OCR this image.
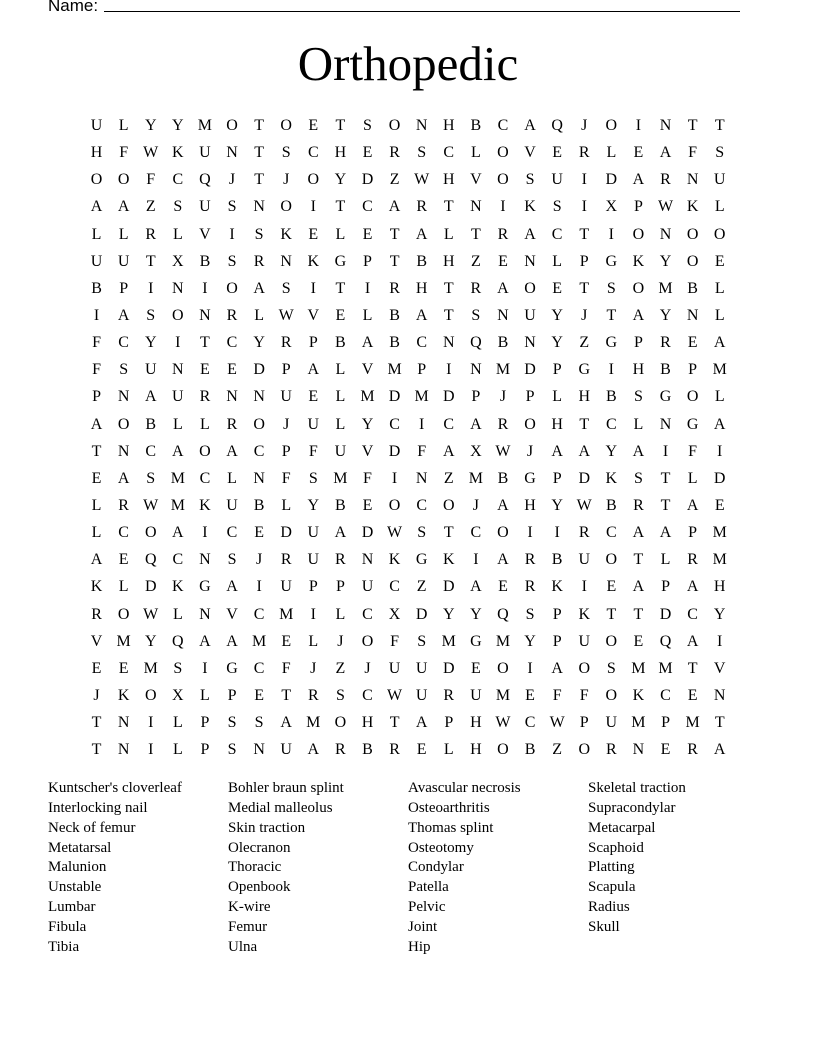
Name:
Orthopedic
U	L	Y Y M O	T	O	E	T	S	O N H B	C A Q	J	O	I	N	T	T
H	F W K U N	T	S	C H	E	R	S	C	L	O V	E	R	L	E	A	F	S
O O	F	C Q	J	T	J	O Y D	Z W H V O	S	U	I	D A R N U
A A	Z	S	U	S	N O	I	T	C A R	T	N	I	K	S	I	X	P W K	L
L	L	R	L	V	I	S	K	E	L	E	T	A	L	T	R A C	T	I	O N O O
U U	T	X B	S	R N K G	P	T	B H	Z	E	N	L	P	G K Y O	E
B	P	I	N	I	O A	S	I	T	I	R H	T	R A O	E	T	S	O M B	L
I	A	S	O N R	L W V	E	L	B A	T	S	N U Y	J	T	A Y N	L
F	C Y	I	T	C Y R	P	B A B	C N Q B N Y	Z	G	P	R	E	A
F	S	U N	E	E	D	P	A	L	V M P	I	N M D	P	G	I	H B	P M
P	N A U R N N U	E	L M D M D	P	J	P	L	H B	S	G O	L
A O B	L	L	R O	J	U	L	Y C	I	C A R O H	T	C	L	N G A
T	N C A O A C	P	F	U V D	F	A X W	J	A A Y A	I	F	I
E	A	S M C	L	N	F	S M F	I	N	Z M B G	P	D K	S	T	L	D
L	R W M K U B	L	Y B	E	O C O	J	A H Y W B	R	T	A	E
L	C O A	I	C	E	D U A D W S	T	C O	I	I	R	C A A	P M
A	E	Q C N	S	J	R U R N K G K	I	A R	B U O	T	L	R M
K	L	D K G A	I	U	P	P	U C	Z	D A	E	R K	I	E	A	P	A H
R O W L	N V C M	I	L	C X D Y Y Q	S	P	K	T	T	D C Y
V M Y Q A A M E	L	J	O	F	S M G M Y	P	U O	E	Q A	I
E	E M S	I	G C	F	J	Z	J	U U D	E	O	I	A O	S M M T	V
J	K O X	L	P	E	T	R	S	C W U R U M E	F	F	O K C	E	N
T	N	I	L	P	S	S	A M O H	T	A	P	H W C W P	U M P M T
T	N	I	L	P	S	N U A R	B	R	E	L	H O B	Z	O R N	E	R A
Kuntscher's cloverleaf
Interlocking nail
Neck of femur
Metatarsal
Malunion
Unstable
Lumbar
Fibula
Tibia
Bohler braun splint
Medial malleolus
Skin traction
Olecranon
Thoracic
Openbook
K-wire
Femur
Ulna
Avascular necrosis
Osteoarthritis
Thomas splint
Osteotomy
Condylar
Patella
Pelvic
Joint
Hip
Skeletal traction
Supracondylar
Metacarpal
Scaphoid
Platting
Scapula
Radius
Skull
